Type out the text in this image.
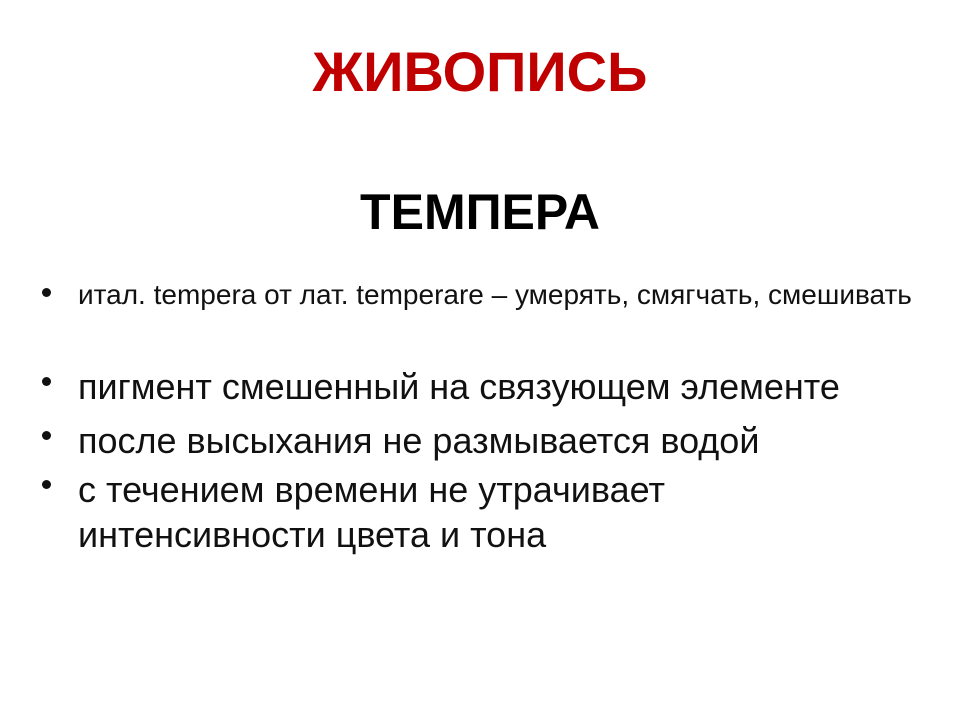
ЖИВОПИСЬ
ТЕМПЕРА
итал. tempera от лат. temperare – умерять, смягчать, смешивать
пигмент смешенный на связующем элементе
после высыхания не размывается водой
с течением времени не утрачивает интенсивности цвета и тона
